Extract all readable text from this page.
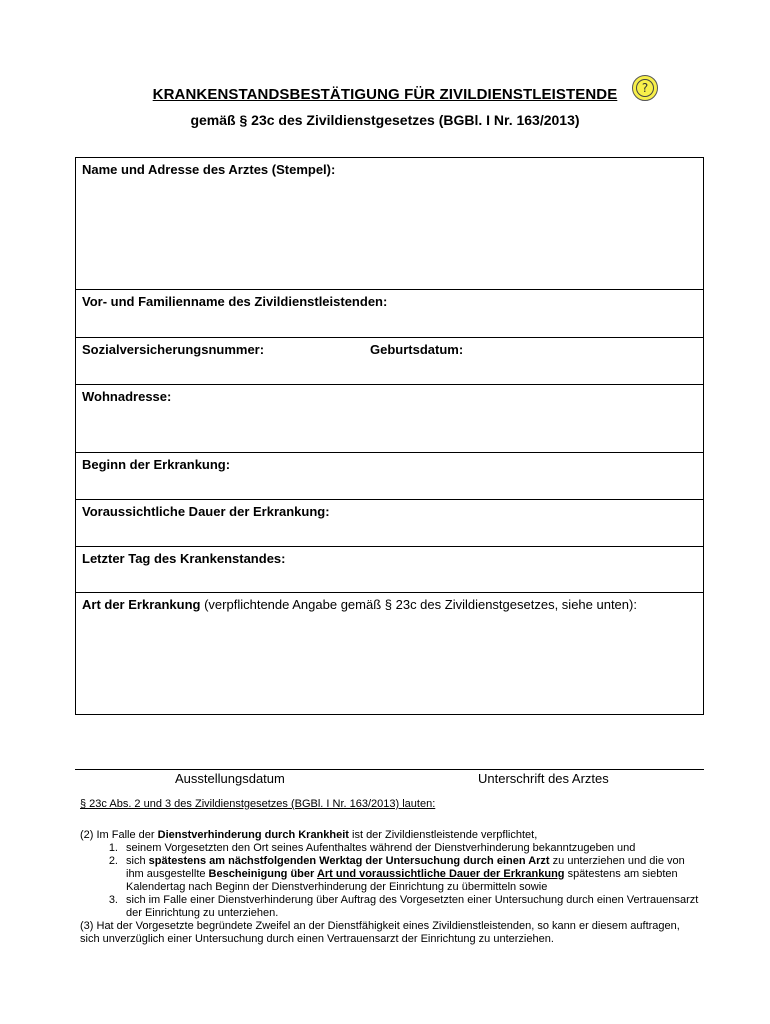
KRANKENSTANDSBESTÄTIGUNG FÜR ZIVILDIENSTLEISTENDE	?
gemäß § 23c des Zivildienstgesetzes (BGBl. I Nr. 163/2013)
Name und Adresse des Arztes (Stempel):
Vor- und Familienname des Zivildienstleistenden:
Sozialversicherungsnummer:	Geburtsdatum:
Wohnadresse:
Beginn der Erkrankung:
Voraussichtliche Dauer der Erkrankung:
Letzter Tag des Krankenstandes:
Art der Erkrankung (verpflichtende Angabe gemäß § 23c des Zivildienstgesetzes, siehe unten):
Ausstellungsdatum	Unterschrift des Arztes
§ 23c Abs. 2 und 3 des Zivildienstgesetzes (BGBl. I Nr. 163/2013) lauten:
(2) Im Falle der Dienstverhinderung durch Krankheit ist der Zivildienstleistende verpflichtet,
1. seinem Vorgesetzten den Ort seines Aufenthaltes während der Dienstverhinderung bekanntzugeben und
2. sich spätestens am nächstfolgenden Werktag der Untersuchung durch einen Arzt zu unterziehen und die von ihm ausgestellte Bescheinigung über Art und voraussichtliche Dauer der Erkrankung spätestens am siebten Kalendertag nach Beginn der Dienstverhinderung der Einrichtung zu übermitteln sowie
3. sich im Falle einer Dienstverhinderung über Auftrag des Vorgesetzten einer Untersuchung durch einen Vertrauensarzt der Einrichtung zu unterziehen.
(3) Hat der Vorgesetzte begründete Zweifel an der Dienstfähigkeit eines Zivildienstleistenden, so kann er diesem auftragen, sich unverzüglich einer Untersuchung durch einen Vertrauensarzt der Einrichtung zu unterziehen.
